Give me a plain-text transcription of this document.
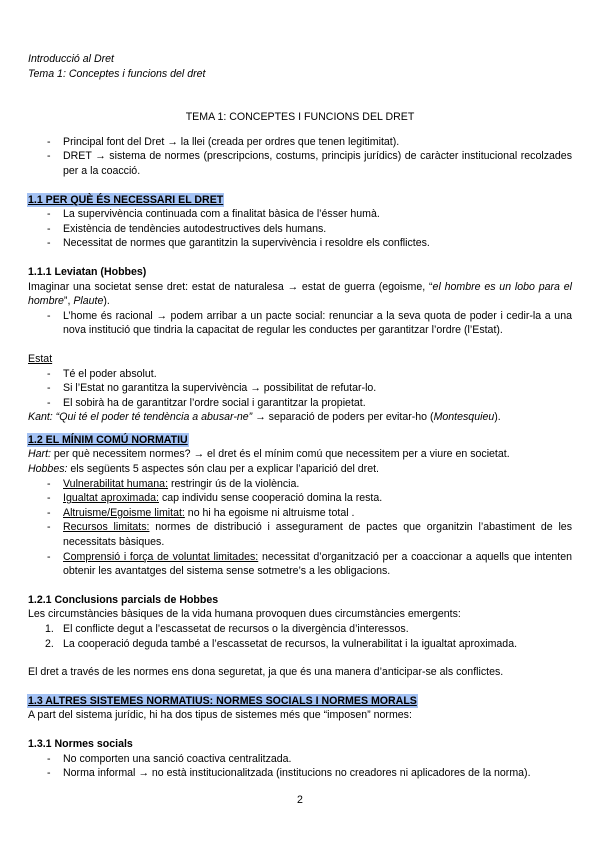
Introducció al Dret
Tema 1: Conceptes i funcions del dret
TEMA 1: CONCEPTES I FUNCIONS DEL DRET
- Principal font del Dret → la llei (creada per ordres que tenen legitimitat).
- DRET → sistema de normes (prescripcions, costums, principis jurídics) de caràcter institucional recolzades per a la coacció.
1.1 PER QUÈ ÉS NECESSARI EL DRET
- La supervivència continuada com a finalitat bàsica de l’ésser humà.
- Existència de tendències autodestructives dels humans.
- Necessitat de normes que garantitzin la supervivència i resoldre els conflictes.
1.1.1 Leviatan (Hobbes)

Imaginar una societat sense dret: estat de naturalesa → estat de guerra (egoisme, “el hombre es un lobo para el hombre”, Plaute).

- L’home és racional → podem arribar a un pacte social: renunciar a la seva quota de poder i cedir-la a una nova institució que tindria la capacitat de regular les conductes per garantitzar l’ordre (l’Estat).
Estat
- Té el poder absolut.
- Si l’Estat no garantitza la supervivència → possibilitat de refutar-lo.
- El sobirà ha de garantitzar l’ordre social i garantitzar la propietat.

Kant: “Qui té el poder té tendència a abusar-ne” → separació de poders per evitar-ho (Montesquieu).

1.2 EL MÍNIM COMÚ NORMATIU

Hart: per què necessitem normes? → el dret és el mínim comú que necessitem per a viure en societat.

Hobbes: els següents 5 aspectes són clau per a explicar l’aparició del dret.

- Vulnerabilitat humana: restringir ús de la violència.
- Igualtat aproximada: cap individu sense cooperació domina la resta.
- Altruisme/Egoisme limitat: no hi ha egoisme ni altruisme total .
- Recursos limitats: normes de distribució i assegurament de pactes que organitzin l’abastiment de les necessitats bàsiques.
- Comprensió i força de voluntat limitades: necessitat d’organització per a coaccionar a aquells que intenten obtenir les avantatges del sistema sense sotmetre’s a les obligacions.
1.2.1 Conclusions parcials de Hobbes

Les circumstàncies bàsiques de la vida humana provoquen dues circumstàncies emergents:

El conflicte degut a l’escassetat de recursos o la divergència d’interessos.
La cooperació deguda també a l’escassetat de recursos, la vulnerabilitat i la igualtat aproximada.

El dret a través de les normes ens dona seguretat, ja que és una manera d’anticipar-se als conflictes.

1.3 ALTRES SISTEMES NORMATIUS: NORMES SOCIALS I NORMES MORALS

A part del sistema jurídic, hi ha dos tipus de sistemes més que “imposen” normes:

1.3.1 Normes socials
- No comporten una sanció coactiva centralitzada.
- Norma informal → no està institucionalitzada (institucions no creadores ni aplicadores de la norma).
2
